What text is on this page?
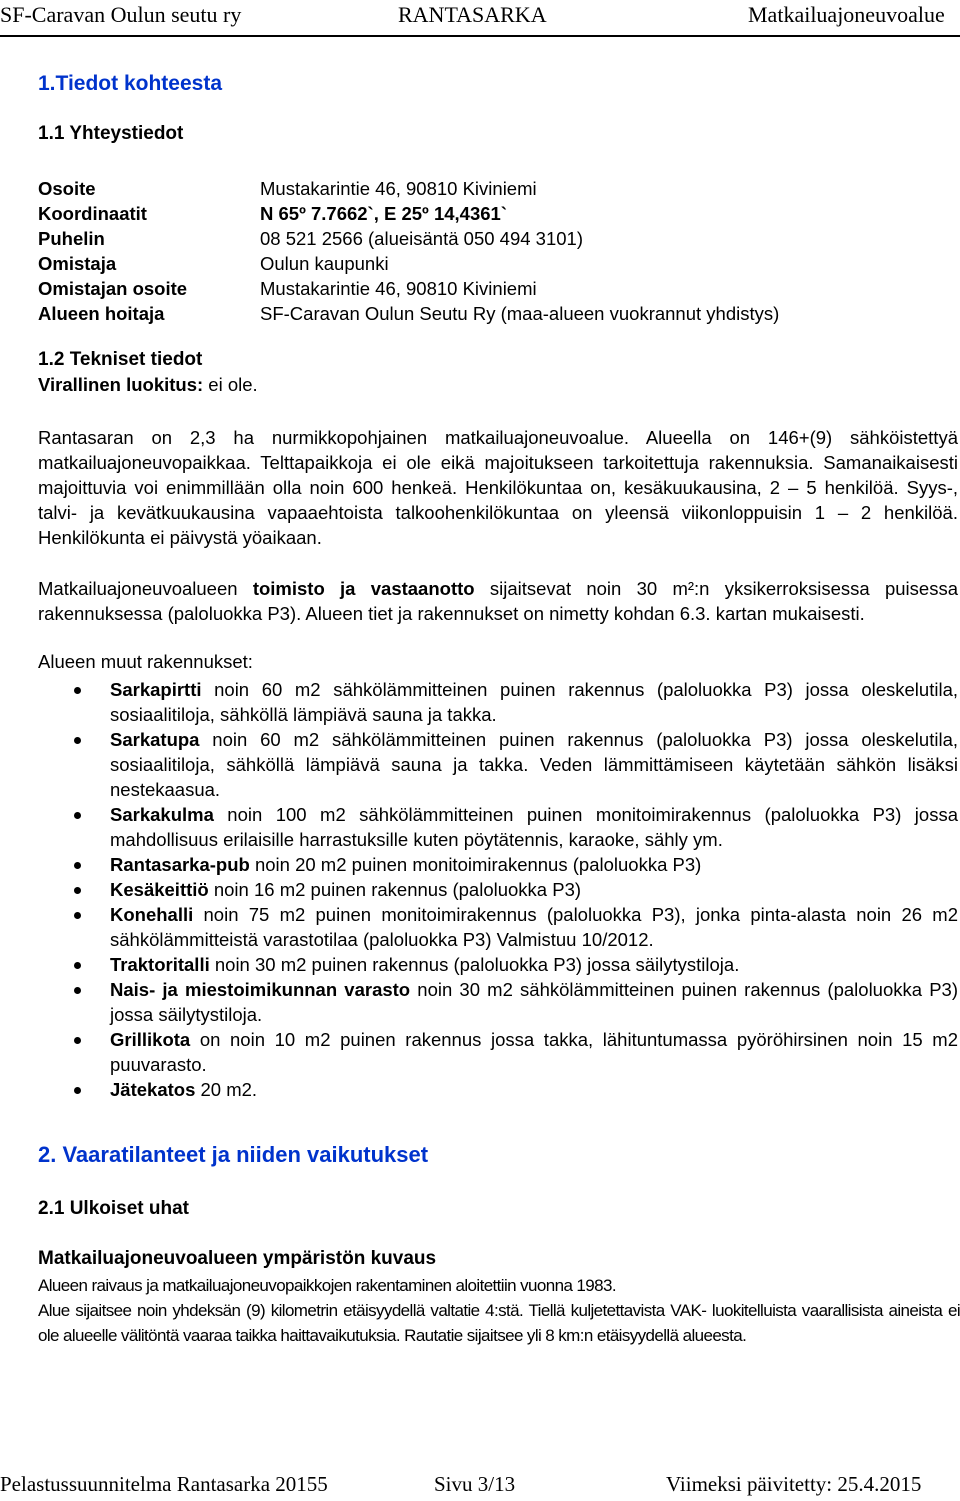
SF-Caravan Oulun seutu ry	RANTASARKA	Matkailuajoneuvoalue
1.Tiedot kohteesta
1.1 Yhteystiedot
Osoite	Mustakarintie 46, 90810 Kiviniemi
Koordinaatit	N 65º 7.7662`, E 25º 14,4361`
Puhelin	08 521 2566 (alueisäntä 050 494 3101)
Omistaja	Oulun kaupunki
Omistajan osoite	Mustakarintie 46, 90810 Kiviniemi
Alueen hoitaja	SF-Caravan Oulun Seutu Ry (maa-alueen vuokrannut yhdistys)
1.2 Tekniset tiedot
Virallinen luokitus: ei ole.
Rantasaran on 2,3 ha nurmikkopohjainen matkailuajoneuvoalue. Alueella on 146+(9) sähköistettyä matkailuajoneuvopaikkaa. Telttapaikkoja ei ole eikä majoitukseen tarkoitettuja rakennuksia. Samanaikaisesti majoittuvia voi enimmillään olla noin 600 henkeä. Henkilökuntaa on, kesäkuukausina, 2 – 5 henkilöä. Syys-, talvi- ja kevätkuukausina vapaaehtoista talkoohenkilökuntaa on yleensä viikonloppuisin 1 – 2 henkilöä. Henkilökunta ei päivystä yöaikaan.
Matkailuajoneuvoalueen toimisto ja vastaanotto sijaitsevat noin 30 m²:n yksikerroksisessa puisessa rakennuksessa (paloluokka P3). Alueen tiet ja rakennukset on nimetty kohdan 6.3. kartan mukaisesti.
Alueen muut rakennukset:
Sarkapirtti noin 60 m2 sähkölämmitteinen puinen rakennus (paloluokka P3) jossa oleskelutila, sosiaalitiloja, sähköllä lämpiävä sauna ja takka.
Sarkatupa noin 60 m2 sähkölämmitteinen puinen rakennus (paloluokka P3) jossa oleskelutila, sosiaalitiloja, sähköllä lämpiävä sauna ja takka. Veden lämmittämiseen käytetään sähkön lisäksi nestekaasua.
Sarkakulma noin 100 m2 sähkölämmitteinen puinen monitoimirakennus (paloluokka P3) jossa mahdollisuus erilaisille harrastuksille kuten pöytätennis, karaoke, sähly ym.
Rantasarka-pub noin 20 m2 puinen monitoimirakennus (paloluokka P3)
Kesäkeittiö noin 16 m2 puinen rakennus (paloluokka P3)
Konehalli noin 75 m2 puinen monitoimirakennus (paloluokka P3), jonka pinta-alasta noin 26 m2 sähkölämmitteistä varastotilaa (paloluokka P3) Valmistuu 10/2012.
Traktoritalli noin 30 m2 puinen rakennus (paloluokka P3) jossa säilytystiloja.
Nais- ja miestoimikunnan varasto noin 30 m2 sähkölämmitteinen puinen rakennus (paloluokka P3) jossa säilytystiloja.
Grillikota on noin 10 m2 puinen rakennus jossa takka, lähituntumassa pyöröhirsinen noin 15 m2 puuvarasto.
Jätekatos 20 m2.
2. Vaaratilanteet ja niiden vaikutukset
2.1 Ulkoiset uhat
Matkailuajoneuvoalueen ympäristön kuvaus
Alueen raivaus ja matkailuajoneuvopaikkojen rakentaminen aloitettiin vuonna 1983.
Alue sijaitsee noin yhdeksän (9) kilometrin etäisyydellä valtatie 4:stä. Tiellä kuljetettavista VAK- luokitelluista vaarallisista aineista ei ole alueelle välitöntä vaaraa taikka haittavaikutuksia. Rautatie sijaitsee yli 8 km:n etäisyydellä alueesta.
Pelastussuunnitelma Rantasarka 20155	Sivu 3/13	Viimeksi päivitetty: 25.4.2015
